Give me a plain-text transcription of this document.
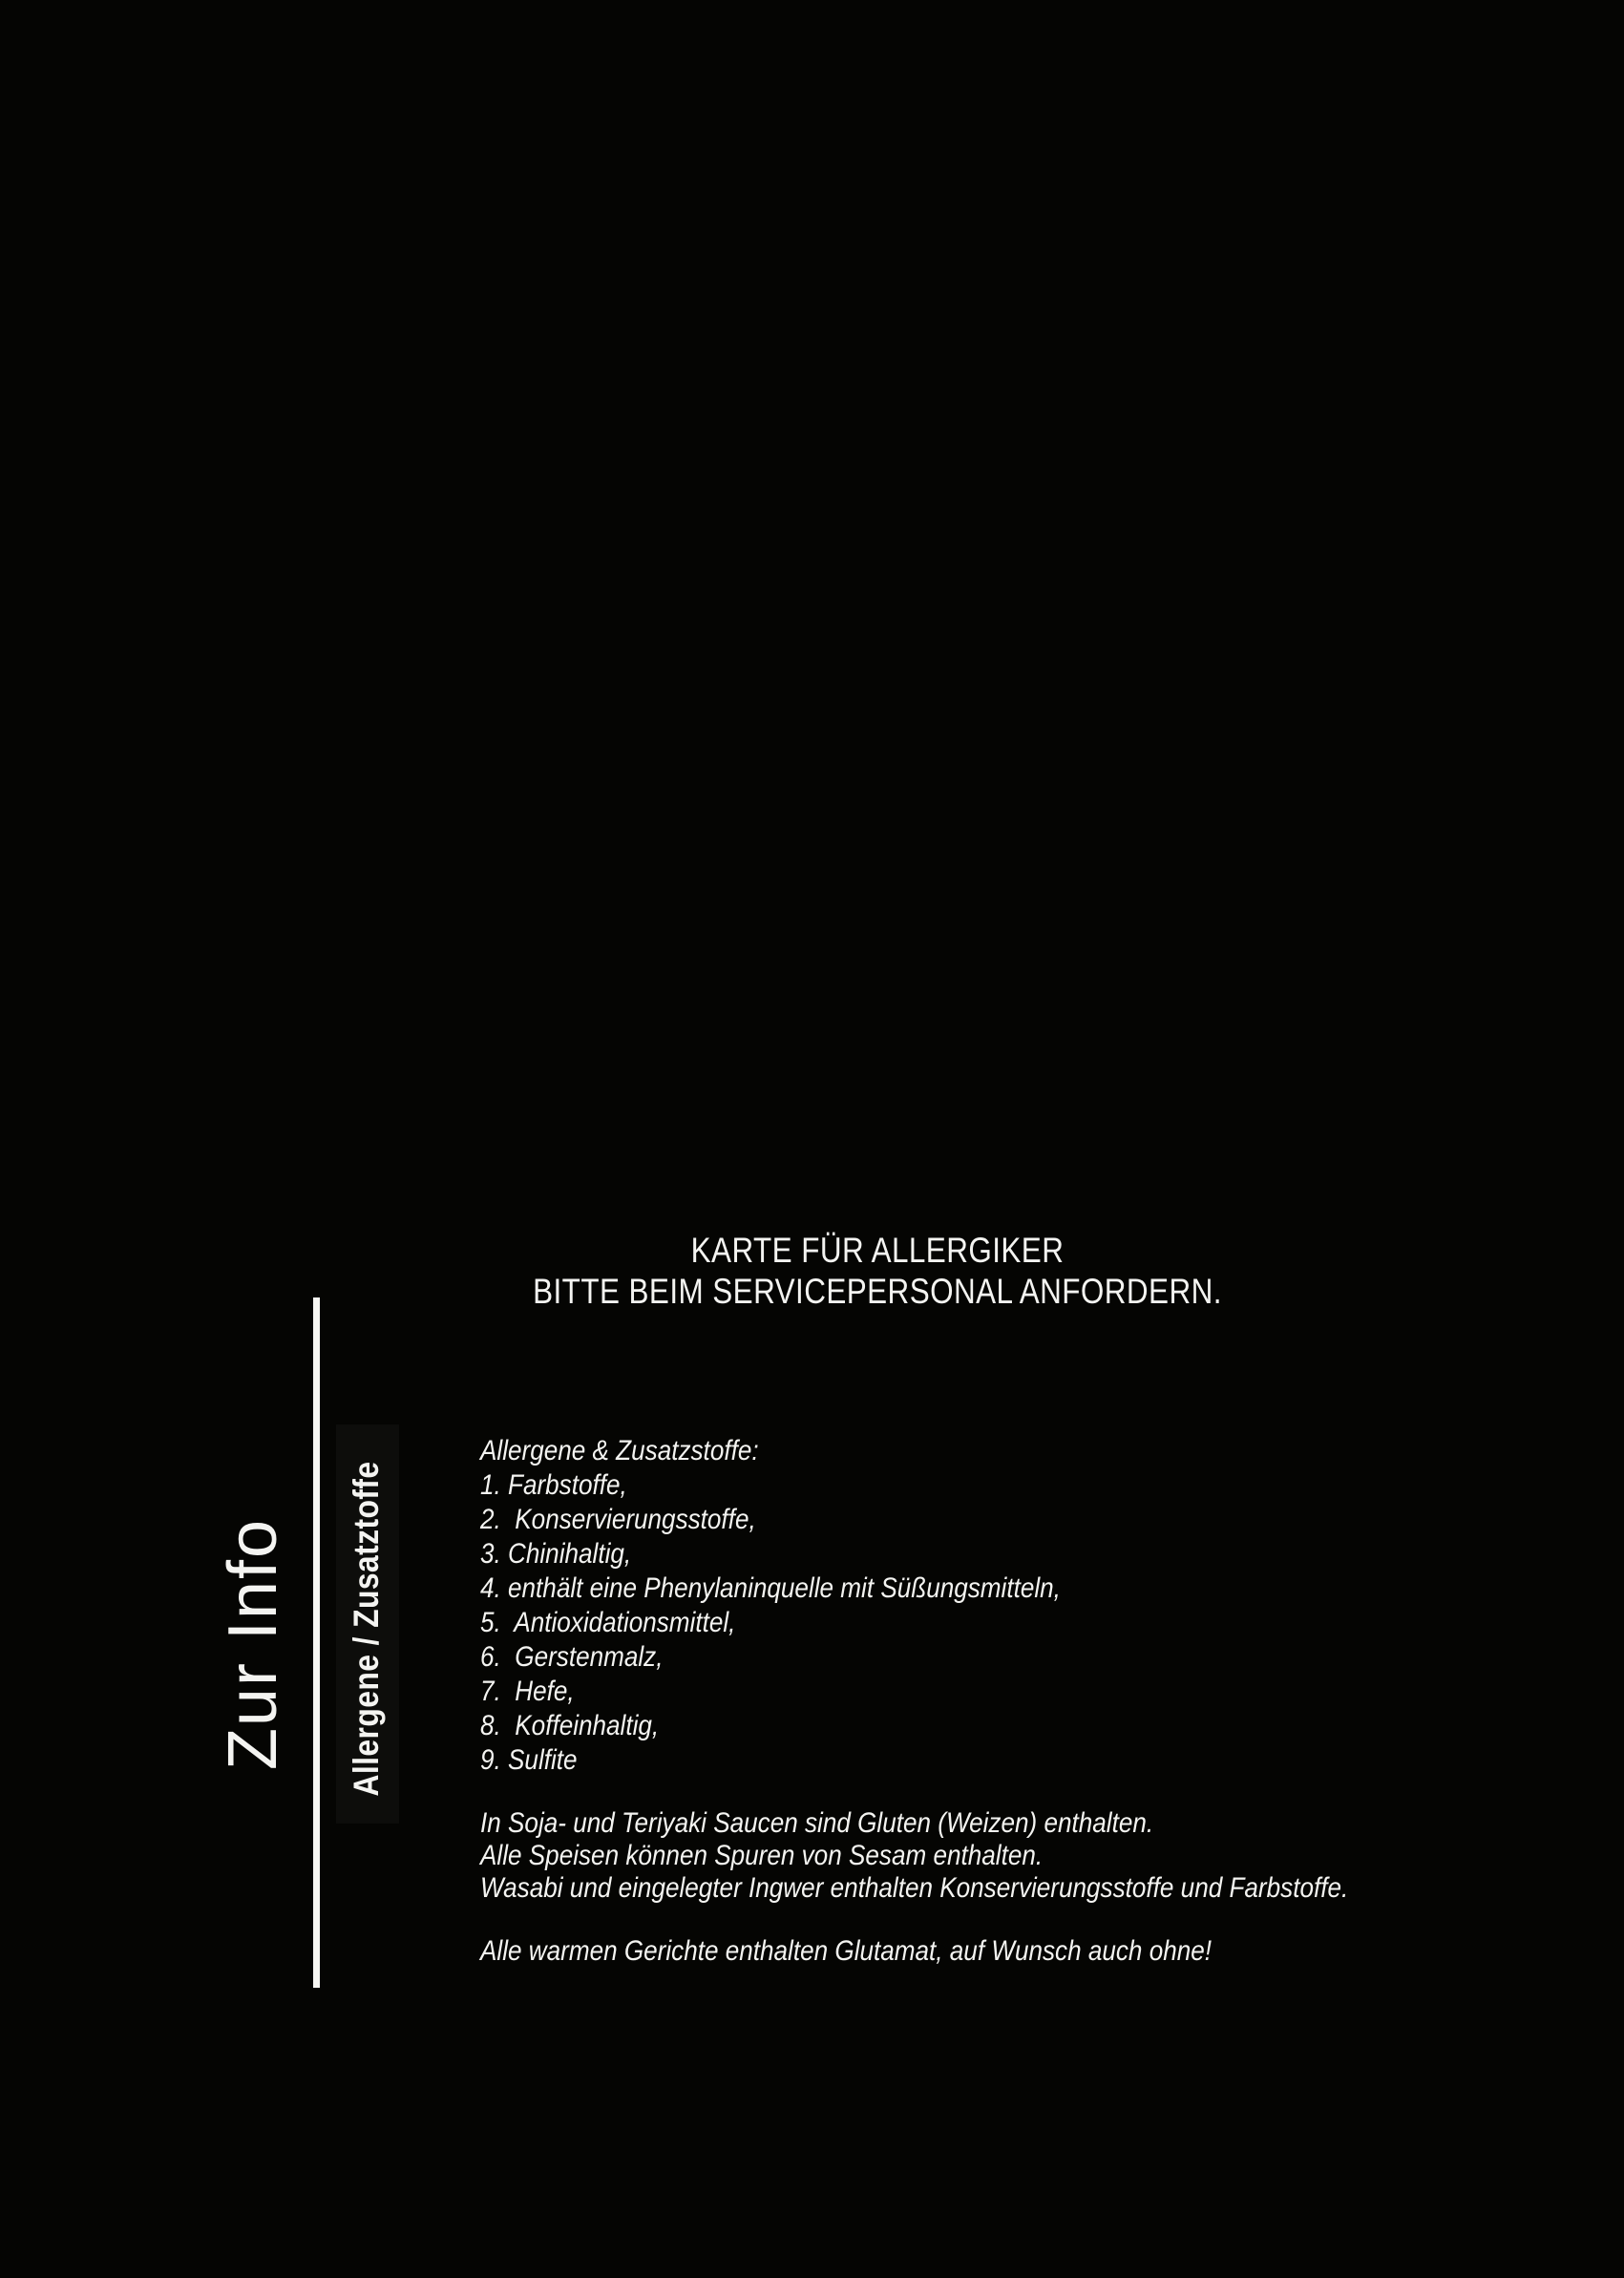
KARTE FÜR ALLERGIKER
BITTE BEIM SERVICEPERSONAL ANFORDERN.
Zur Info Allergene / Zusatztoffe
Allergene & Zusatzstoffe:
1. Farbstoffe,
2.  Konservierungsstoffe,
3. Chinihaltig,
4. enthält eine Phenylaninquelle mit Süßungsmitteln,
5.  Antioxidationsmittel,
6.  Gerstenmalz,
7.  Hefe,
8.  Koffeinhaltig,
9. Sulfite
In Soja- und Teriyaki Saucen sind Gluten (Weizen) enthalten.
Alle Speisen können Spuren von Sesam enthalten.
Wasabi und eingelegter Ingwer enthalten Konservierungsstoffe und Farbstoffe.
Alle warmen Gerichte enthalten Glutamat, auf Wunsch auch ohne!
